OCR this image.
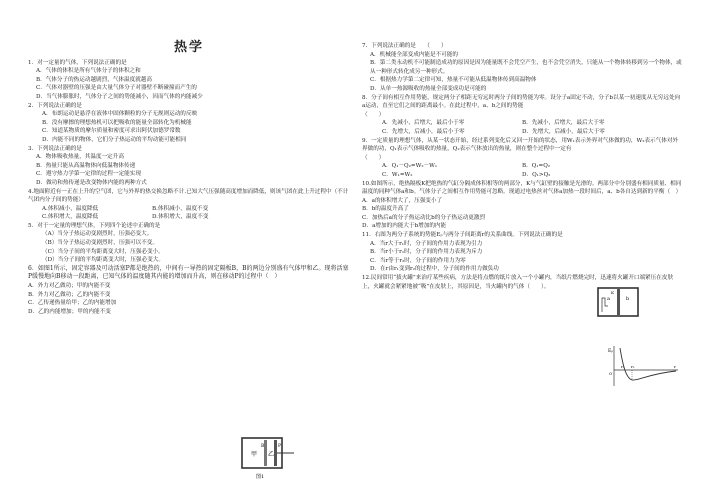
热学

1．对一定量的气体，下列说法正确的是

A．气体的体积是所有气体分子的体积之和

B．气体分子的热运动越剧烈，气体温度就越高

C．气体对器壁的压强是由大量气体分子对器壁不断碰撞而产生的

D．当气体膨胀时，气体分子之间的势能减小，因而气体的内能减少

2．下列说法正确的是

A．布朗运动是悬浮在液体中固体颗粒的分子无规则运动的反映

B．没有摩擦的理想热机可以把吸收的能量全部转化为机械能

C．知道某物质的摩尔质量和密度可求出阿伏加德罗常数

D．内能不同的物体，它们分子热运动的平均动能可能相同

3．下列说法正确的是

A．物体吸收热量，其温度一定升高

B．热量只能从高温物体向低温物体传递

C．遵守热力学第一定律的过程一定能实现

D．做功和热传递是改变物体内能的两种方式

4.地面附近有一正在上升的空气团，它与外界的热交换忽略不计.已知大气压强随高度增加而降低，则该气团在此上升过程中（不计气团内分子间的势能）

A.体积减小，温度降低	B.体积减小，温度不变
C.体积增大，温度降低	D.体积增大，温度不变

5．对于一定量的理想气体，下列四个论述中正确的是

（A）当分子热运动变剧烈时，压强必变大。

（B）当分子热运动变剧烈时，压强可以不变。

（C）当分子间的平均距离变大时，压强必变小。

（D）当分子间的平均距离变大时，压强必变大。

6．如图1所示，固定容器及可动活塞P都是绝热的，中间有一导热的固定隔板B，B的两边分别盛有气体甲和乙。现将活塞P缓慢地向B移动一段距离，已知气体的温度随其内能的增加而升高，则在移动P的过程中（　）

A．外力对乙做功；甲的内能不变

B．外力对乙做功；乙的内能不变

C．乙传递热量给甲；乙的内能增加

D．乙的内能增加；甲的内能不变

甲 乙
B	P
图1

7．下列说法正确的是　　（　　）

A．机械能全部变成内能是不可能的

B．第二类永动机不可能制造成功的原因是因为能量既不会凭空产生，也不会凭空消失，只能从一个物体转移到另一个物体，或从一种形式转化成另一种形式。

C．根据热力学第二定律可知，热量不可能从低温物体传到高温物体

D．从单一热源吸收的热量全部变成功是可能的

8．分子间有相互作用势能，规定两分子相距无穷远时两分子间的势能为零。设分子a固定不动，分子b以某一初速度从无穷远处向a运动，直至它们之间的距离最小。在此过程中，a、b之间的势能　　　　　　　　　　　　　　　　　　　　　　　　　　　　（　　）

A．先减小，后增大，最后小于零	B．先减小，后增大，最后大于零
C．先增大，后减小，最后小于零	D．先增大，后减小，最后大于零

9．一定质量的理想气体，从某一状态开始，经过系列变化后又回一开始的状态，用W₁表示外界对气体做的功，W₂表示气体对外界做的功，Q₁表示气体吸收的热量，Q₂表示气体放出的热量，则在整个过程中一定有　　　　　　　　　　　　　　　　　　　　（　　）

A．Q₁－Q₂=W₂－W₁	B．Q₁=Q₂
C．W₁=W₂	D．Q₁>Q₂

10.如图所示，绝热隔板K把绝热的气缸分隔成体积相等的两部分，K与气缸壁的接触是光滑的。两部分中分别盛有相同质量、相同温度的同种气体a和b。气体分子之间相互作用势能可忽略。现通过电热丝对气体a加热一段时间后，a、b各自达到新的平衡（　）

A．a的体积增大了，压强变小了

B．b的温度升高了

C．加热后a的分子热运动比b的分子热运动更激烈

D．a增加的内能大于b增加的内能

11．右图为两分子系统的势能Eₚ与两分子间距离r的关系曲线。下列说法正确的是

A．当r大于r₁时，分子间的作用力表现为引力

B．当r小于r₁时，分子间的作用力表现为斥力

C．当r等于r₂时，分子间的作用力为零

D．在r由r₁变到r₂的过程中，分子间的作用力做负功

12.民间常用“拔火罐”来治疗某些疾病，方法是将点燃的纸片放入一个小罐内，当纸片燃烧完时，迅速将火罐开口端紧压在皮肤上，火罐就会紧紧地被“吸”在皮肤上，其原因是，当火罐内的气体（　　）。

a	b
K
Eₚ
O
r₁ r₂	r
